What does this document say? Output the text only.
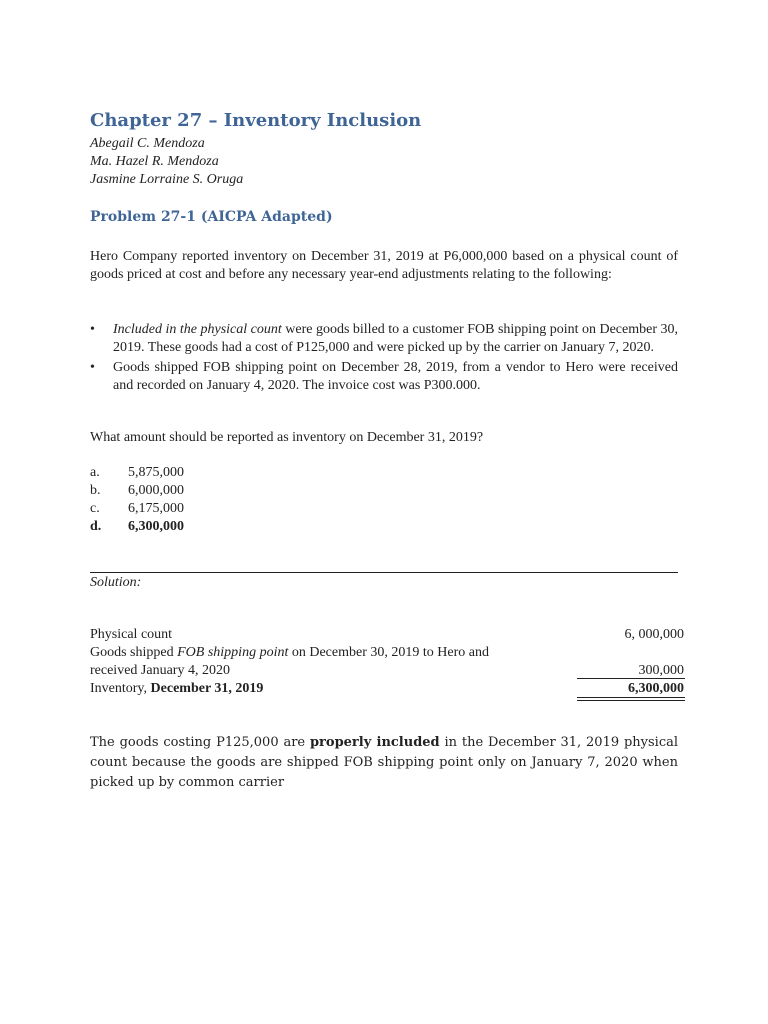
Chapter 27 – Inventory Inclusion
Abegail C. Mendoza
Ma. Hazel R. Mendoza
Jasmine Lorraine S. Oruga
Problem 27-1 (AICPA Adapted)
Hero Company reported inventory on December 31, 2019 at P6,000,000 based on a physical count of goods priced at cost and before any necessary year-end adjustments relating to the following:
• Included in the physical count were goods billed to a customer FOB shipping point on December 30, 2019. These goods had a cost of P125,000 and were picked up by the carrier on January 7, 2020.
• Goods shipped FOB shipping point on December 28, 2019, from a vendor to Hero were received and recorded on January 4, 2020. The invoice cost was P300.000.
What amount should be reported as inventory on December 31, 2019?
a. 5,875,000
b. 6,000,000
c. 6,175,000
d. 6,300,000
Solution:
Physical count	6, 000,000
Goods shipped FOB shipping point on December 30, 2019 to Hero and
received January 4, 2020	300,000
Inventory, December 31, 2019	6,300,000
The goods costing P125,000 are properly included in the December 31, 2019 physical count because the goods are shipped FOB shipping point only on January 7, 2020 when picked up by common carrier
